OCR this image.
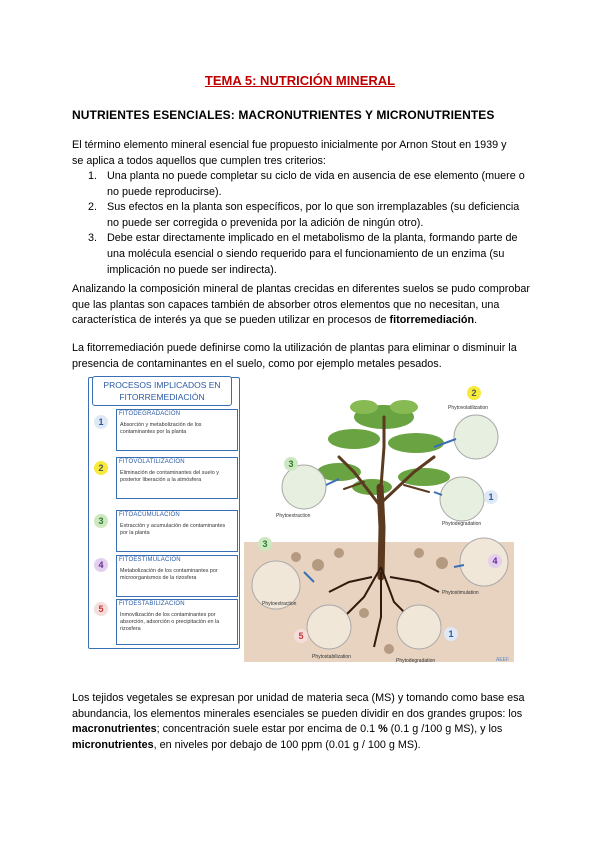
TEMA 5: NUTRICIÓN MINERAL
NUTRIENTES ESENCIALES: MACRONUTRIENTES Y MICRONUTRIENTES
El término elemento mineral esencial fue propuesto inicialmente por Arnon Stout en 1939 y
se aplica a todos aquellos que cumplen tres criterios:
1. Una planta no puede completar su ciclo de vida en ausencia de ese elemento (muere o no puede reproducirse).
2. Sus efectos en la planta son específicos, por lo que son irremplazables (su deficiencia no puede ser corregida o prevenida por la adición de ningún otro).
3. Debe estar directamente implicado en el metabolismo de la planta, formando parte de una molécula esencial o siendo requerido para el funcionamiento de un enzima (su implicación no puede ser indirecta).
Analizando la composición mineral de plantas crecidas en diferentes suelos se pudo comprobar que las plantas son capaces también de absorber otros elementos que no necesitan, una característica de interés ya que se pueden utilizar en procesos de fitorremediación.
La fitorremediación puede definirse como la utilización de plantas para eliminar o disminuir la presencia de contaminantes en el suelo, como por ejemplo metales pesados.
PROCESOS IMPLICADOS EN
FITORREMEDIACIÓN
1
FITODEGRADACIÓN
Absorción y metabolización de los contaminantes por la planta
2
FITOVOLATILIZACIÓN
Eliminación de contaminantes del suelo y posterior liberación a la atmósfera
3
FITOACUMULACIÓN
Extracción y acumulación de contaminantes por la planta
4	FITOESTIMULACIÓN
Metabolización de los contaminantes por microorganismos de la rizosfera
5	FITOESTABILIZACIÓN
Inmovilización de los contaminantes por absorción, adsorción o precipitación en la rizosfera
2
3
1
3
4
5	1
Phytovolatilization
Phytoextraction
Phytodegradation
Phytoextraction
Phytostimulation
Phytostabilization
Phytodegradation	AEEF
Los tejidos vegetales se expresan por unidad de materia seca (MS) y tomando como base esa abundancia, los elementos minerales esenciales se pueden dividir en dos grandes grupos: los macronutrientes; concentración suele estar por encima de 0.1 % (0.1 g /100 g MS), y los micronutrientes, en niveles por debajo de 100 ppm (0.01 g / 100 g MS).
